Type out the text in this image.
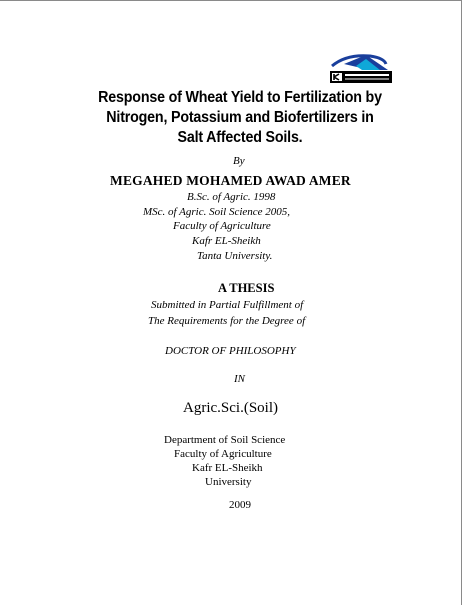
Response of Wheat Yield to Fertilization by
Nitrogen, Potassium and Biofertilizers in
Salt Affected Soils.
By
MEGAHED MOHAMED AWAD AMER
B.Sc. of Agric. 1998
MSc. of Agric. Soil Science 2005,
Faculty of Agriculture
Kafr EL-Sheikh
Tanta University.
A THESIS
Submitted in Partial Fulfillment of
The Requirements for the Degree of
DOCTOR OF PHILOSOPHY
IN
Agric.Sci.(Soil)
Department of Soil Science
Faculty of Agriculture
Kafr EL-Sheikh
University
2009
